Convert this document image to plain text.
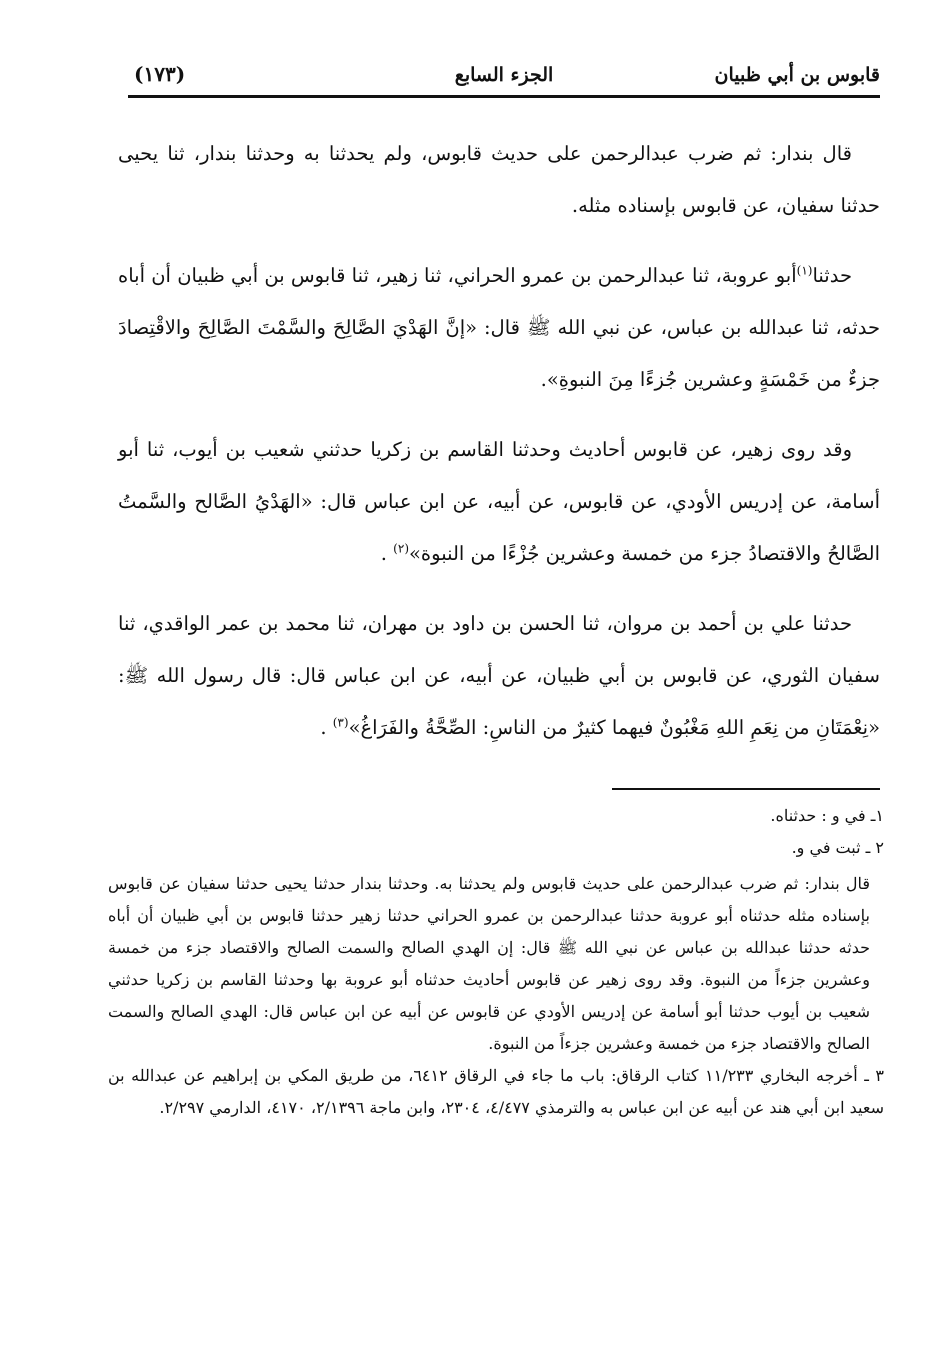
قابوس بن أبي ظبيان
الجزء السابع
(١٧٣)

قال بندار: ثم ضرب عبدالرحمن على حديث قابوس، ولم يحدثنا به وحدثنا بندار، ثنا يحيى حدثنا سفيان، عن قابوس بإسناده مثله.

حدثنا$^{(١)}$أبو عروبة، ثنا عبدالرحمن بن عمرو الحراني، ثنا زهير، ثنا قابوس بن أبي ظبيان أن أباه حدثه، ثنا عبدالله بن عباس، عن نبي الله ﷺ قال: «إنَّ الهَدْيَ الصَّالِحَ والسَّمْتَ الصَّالِحَ والاقْتِصادَ جزءٌ من خَمْسَةٍ وعشرين جُزءًا مِنَ النبوةِ».

وقد روى زهير، عن قابوس أحاديث وحدثنا القاسم بن زكريا حدثني شعيب بن أيوب، ثنا أبو أسامة، عن إدريس الأودي، عن قابوس، عن أبيه، عن ابن عباس قال: «الهَدْيُ الصَّالح والسَّمتُ الصَّالحُ والاقتصادُ جزء من خمسة وعشرين جُزْءًا من النبوة»$^{(٢)}$ .

حدثنا علي بن أحمد بن مروان، ثنا الحسن بن داود بن مهران، ثنا محمد بن عمر الواقدي، ثنا سفيان الثوري، عن قابوس بن أبي ظبيان، عن أبيه، عن ابن عباس قال: قال رسول الله ﷺ: «نِعْمَتَانِ من نِعَمِ اللهِ مَغْبُونٌ فيهما كثيرٌ من الناسِ: الصِّحَّةُ والفَرَاغُ»$^{(٣)}$ .

١ـ في و : حدثناه.

٢ ـ ثبت في و.

قال بندار: ثم ضرب عبدالرحمن على حديث قابوس ولم يحدثنا به. وحدثنا بندار حدثنا يحيى حدثنا سفيان عن قابوس بإسناده مثله حدثناه أبو عروبة حدثنا عبدالرحمن بن عمرو الحراني حدثنا زهير حدثنا قابوس بن أبي ظبيان أن أباه حدثه حدثنا عبدالله بن عباس عن نبي الله ﷺ قال: إن الهدي الصالح والسمت الصالح والاقتصاد جزء من خمسة وعشرين جزءاً من النبوة. وقد روى زهير عن قابوس أحاديث حدثناه أبو عروبة بها وحدثنا القاسم بن زكريا حدثني شعيب بن أيوب حدثنا أبو أسامة عن إدريس الأودي عن قابوس عن أبيه عن ابن عباس قال: الهدي الصالح والسمت الصالح والاقتصاد جزء من خمسة وعشرين جزءاً من النبوة.

٣ ـ أخرجه البخاري ١١/٢٣٣ كتاب الرقاق: باب ما جاء في الرقاق ٦٤١٢، من طريق المكي بن إبراهيم عن عبدالله بن سعيد ابن أبي هند عن أبيه عن ابن عباس به والترمذي ٤/٤٧٧، ٢٣٠٤، وابن ماجة ٢/١٣٩٦، ٤١٧٠، الدارمي ٢/٢٩٧.
